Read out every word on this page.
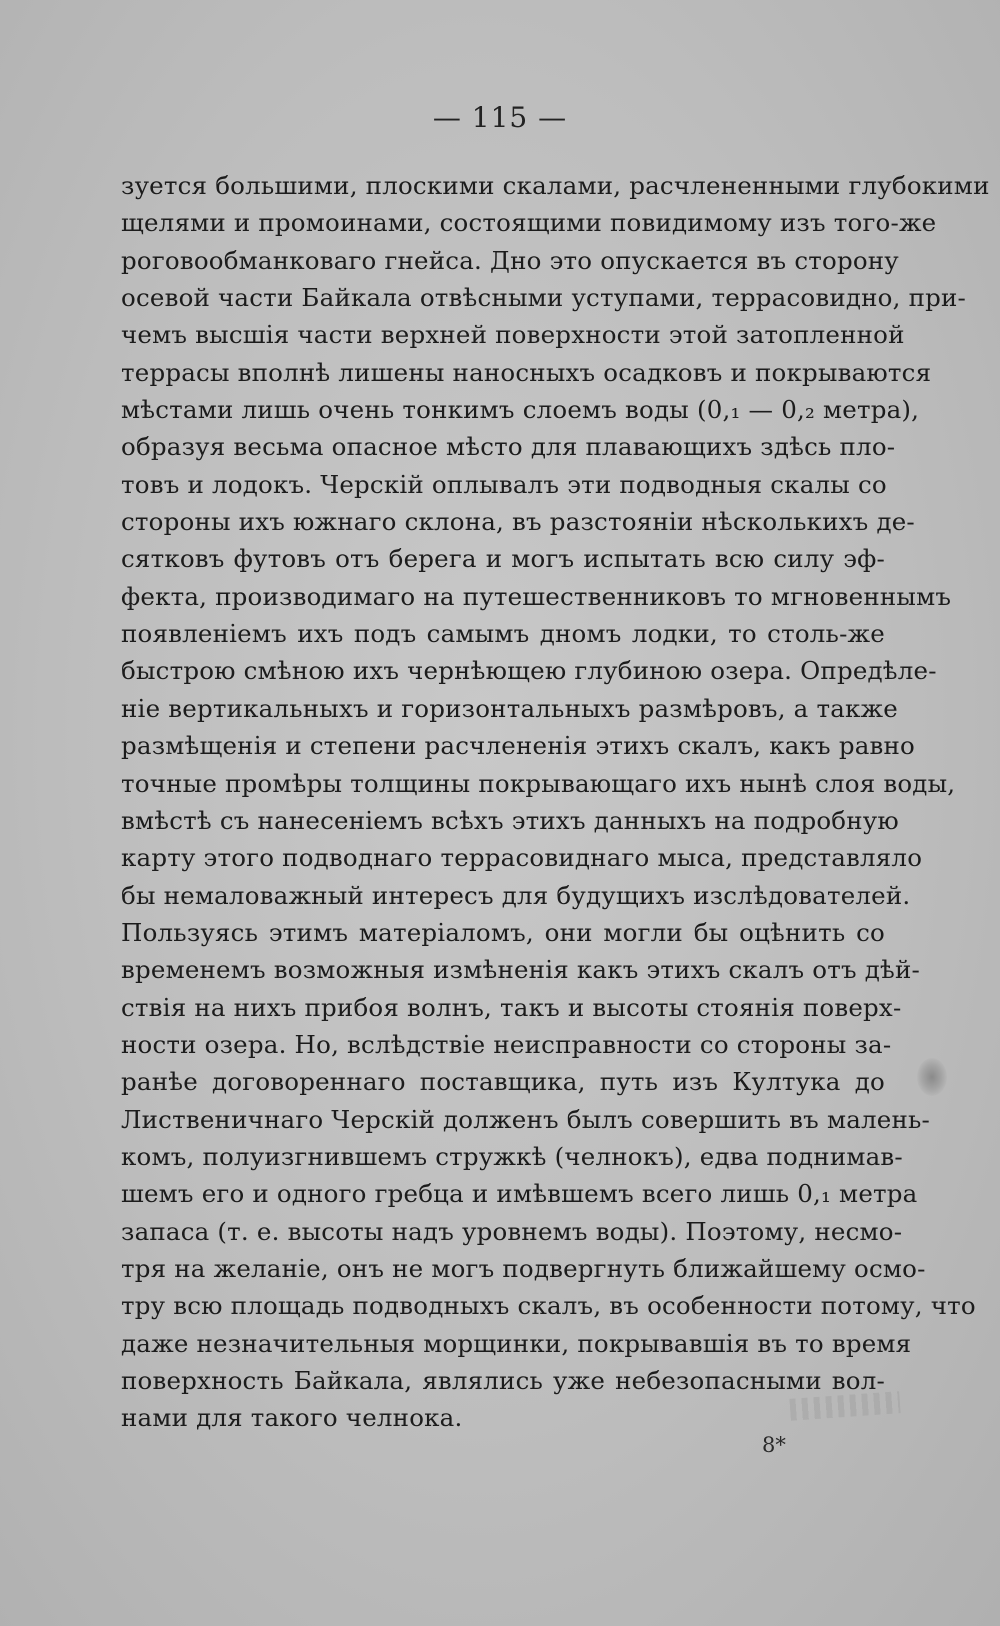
— 115 —
зуется большими, плоскими скалами, расчлененными глубокими
щелями и промоинами, состоящими повидимому изъ того-же
роговообманковаго гнейса. Дно это опускается въ сторону
осевой части Байкала отвѣсными уступами, террасовидно, при-
чемъ высшія части верхней поверхности этой затопленной
террасы вполнѣ лишены наносныхъ осадковъ и покрываются
мѣстами лишь очень тонкимъ слоемъ воды (0,₁ — 0,₂ метра),
образуя весьма опасное мѣсто для плавающихъ здѣсь пло-
товъ и лодокъ. Черскій оплывалъ эти подводныя скалы со
стороны ихъ южнаго склона, въ разстояніи нѣсколькихъ де-
сятковъ футовъ отъ берега и могъ испытать всю силу эф-
фекта, производимаго на путешественниковъ то мгновеннымъ
появленіемъ ихъ подъ самымъ дномъ лодки, то столь-же
быстрою смѣною ихъ чернѣющею глубиною озера. Опредѣле-
ніе вертикальныхъ и горизонтальныхъ размѣровъ, а также
размѣщенія и степени расчлененія этихъ скалъ, какъ равно
точные промѣры толщины покрывающаго ихъ нынѣ слоя воды,
вмѣстѣ съ нанесеніемъ всѣхъ этихъ данныхъ на подробную
карту этого подводнаго террасовиднаго мыса, представляло
бы немаловажный интересъ для будущихъ изслѣдователей.
Пользуясь этимъ матеріаломъ, они могли бы оцѣнить со
временемъ возможныя измѣненія какъ этихъ скалъ отъ дѣй-
ствія на нихъ прибоя волнъ, такъ и высоты стоянія поверх-
ности озера. Но, вслѣдствіе неисправности со стороны за-
ранѣе договореннаго поставщика, путь изъ Култука до
Лиственичнаго Черскій долженъ былъ совершить въ малень-
комъ, полуизгнившемъ стружкѣ (челнокъ), едва поднимав-
шемъ его и одного гребца и имѣвшемъ всего лишь 0,₁ метра
запаса (т. е. высоты надъ уровнемъ воды). Поэтому, несмо-
тря на желаніе, онъ не могъ подвергнуть ближайшему осмо-
тру всю площадь подводныхъ скалъ, въ особенности потому, что
даже незначительныя морщинки, покрывавшія въ то время
поверхность Байкала, являлись уже небезопасными вол-
нами для такого челнока.
8*
